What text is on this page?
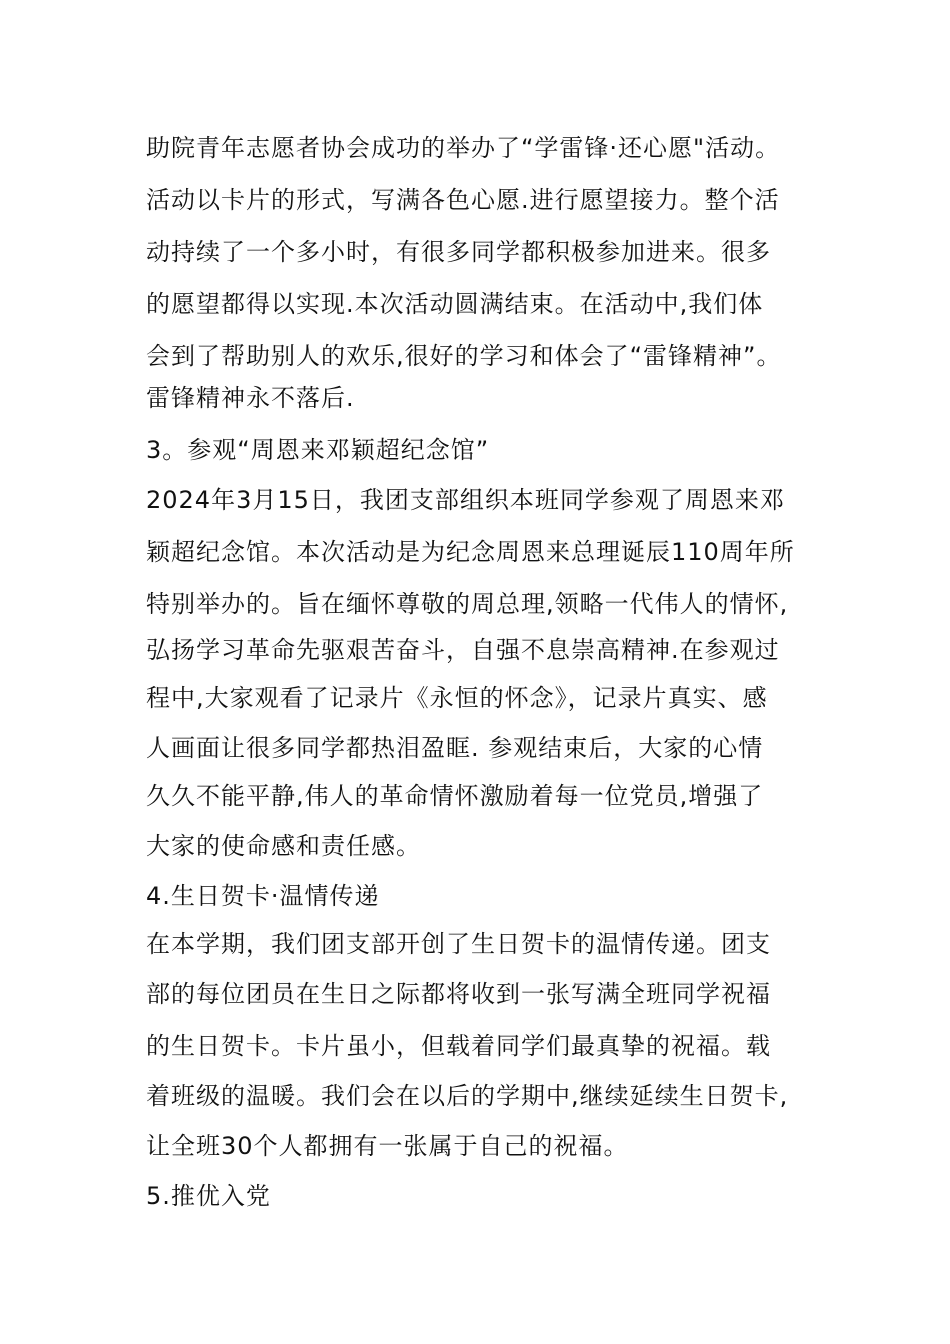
助院青年志愿者协会成功的举办了“学雷锋·还心愿"活动。
活动以卡片的形式，写满各色心愿.进行愿望接力。整个活
动持续了一个多小时，有很多同学都积极参加进来。很多
的愿望都得以实现.本次活动圆满结束。在活动中,我们体
会到了帮助别人的欢乐,很好的学习和体会了“雷锋精神”。
雷锋精神永不落后.
3。参观“周恩来邓颖超纪念馆”
2024年3月15日，我团支部组织本班同学参观了周恩来邓
颖超纪念馆。本次活动是为纪念周恩来总理诞辰110周年所
特别举办的。旨在缅怀尊敬的周总理,领略一代伟人的情怀,
弘扬学习革命先驱艰苦奋斗，自强不息崇高精神.在参观过
程中,大家观看了记录片《永恒的怀念》，记录片真实、感
人画面让很多同学都热泪盈眶. 参观结束后，大家的心情
久久不能平静,伟人的革命情怀激励着每一位党员,增强了
大家的使命感和责任感。
4.生日贺卡·温情传递
在本学期，我们团支部开创了生日贺卡的温情传递。团支
部的每位团员在生日之际都将收到一张写满全班同学祝福
的生日贺卡。卡片虽小，但载着同学们最真挚的祝福。载
着班级的温暖。我们会在以后的学期中,继续延续生日贺卡,
让全班30个人都拥有一张属于自己的祝福。
5.推优入党
